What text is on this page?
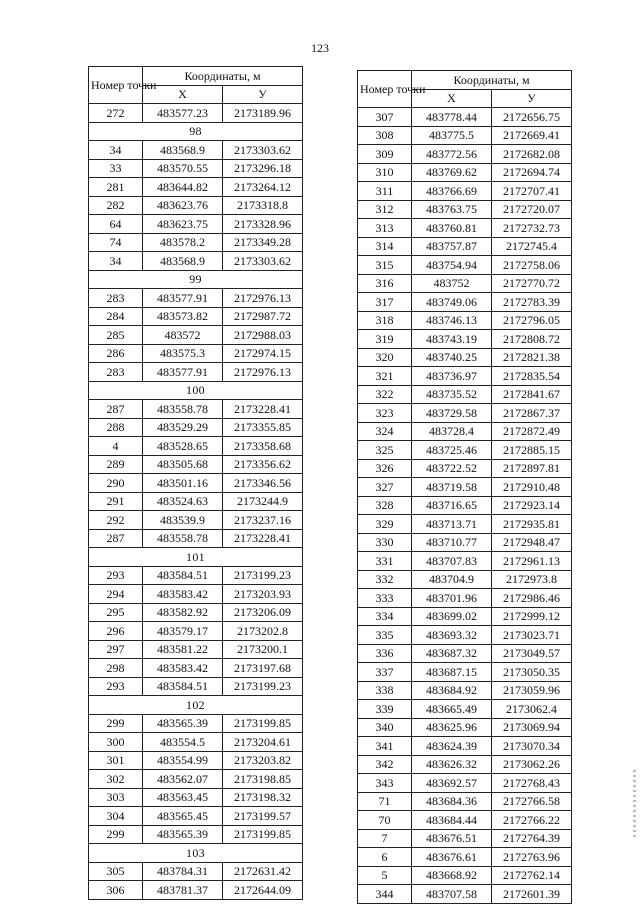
123
Номер точки	Координаты, м	
	X	У
272	483577.23	2173189.96
98		
34	483568.9	2173303.62
33	483570.55	2173296.18
281	483644.82	2173264.12
282	483623.76	2173318.8
64	483623.75	2173328.96
74	483578.2	2173349.28
34	483568.9	2173303.62
99		
283	483577.91	2172976.13
284	483573.82	2172987.72
285	483572	2172988.03
286	483575.3	2172974.15
283	483577.91	2172976.13
100		
287	483558.78	2173228.41
288	483529.29	2173355.85
4	483528.65	2173358.68
289	483505.68	2173356.62
290	483501.16	2173346.56
291	483524.63	2173244.9
292	483539.9	2173237.16
287	483558.78	2173228.41
101		
293	483584.51	2173199.23
294	483583.42	2173203.93
295	483582.92	2173206.09
296	483579.17	2173202.8
297	483581.22	2173200.1
298	483583.42	2173197.68
293	483584.51	2173199.23
102		
299	483565.39	2173199.85
300	483554.5	2173204.61
301	483554.99	2173203.82
302	483562.07	2173198.85
303	483563.45	2173198.32
304	483565.45	2173199.57
299	483565.39	2173199.85
103		
305	483784.31	2172631.42
306	483781.37	2172644.09
Номер точки	Координаты, м	
	X	У
307	483778.44	2172656.75
308	483775.5	2172669.41
309	483772.56	2172682.08
310	483769.62	2172694.74
311	483766.69	2172707.41
312	483763.75	2172720.07
313	483760.81	2172732.73
314	483757.87	2172745.4
315	483754.94	2172758.06
316	483752	2172770.72
317	483749.06	2172783.39
318	483746.13	2172796.05
319	483743.19	2172808.72
320	483740.25	2172821.38
321	483736.97	2172835.54
322	483735.52	2172841.67
323	483729.58	2172867.37
324	483728.4	2172872.49
325	483725.46	2172885.15
326	483722.52	2172897.81
327	483719.58	2172910.48
328	483716.65	2172923.14
329	483713.71	2172935.81
330	483710.77	2172948.47
331	483707.83	2172961.13
332	483704.9	2172973.8
333	483701.96	2172986.46
334	483699.02	2172999.12
335	483693.32	2173023.71
336	483687.32	2173049.57
337	483687.15	2173050.35
338	483684.92	2173059.96
339	483665.49	2173062.4
340	483625.96	2173069.94
341	483624.39	2173070.34
342	483626.32	2173062.26
343	483692.57	2172768.43
71	483684.36	2172766.58
70	483684.44	2172766.22
7	483676.51	2172764.39
6	483676.61	2172763.96
5	483668.92	2172762.14
344	483707.58	2172601.39
